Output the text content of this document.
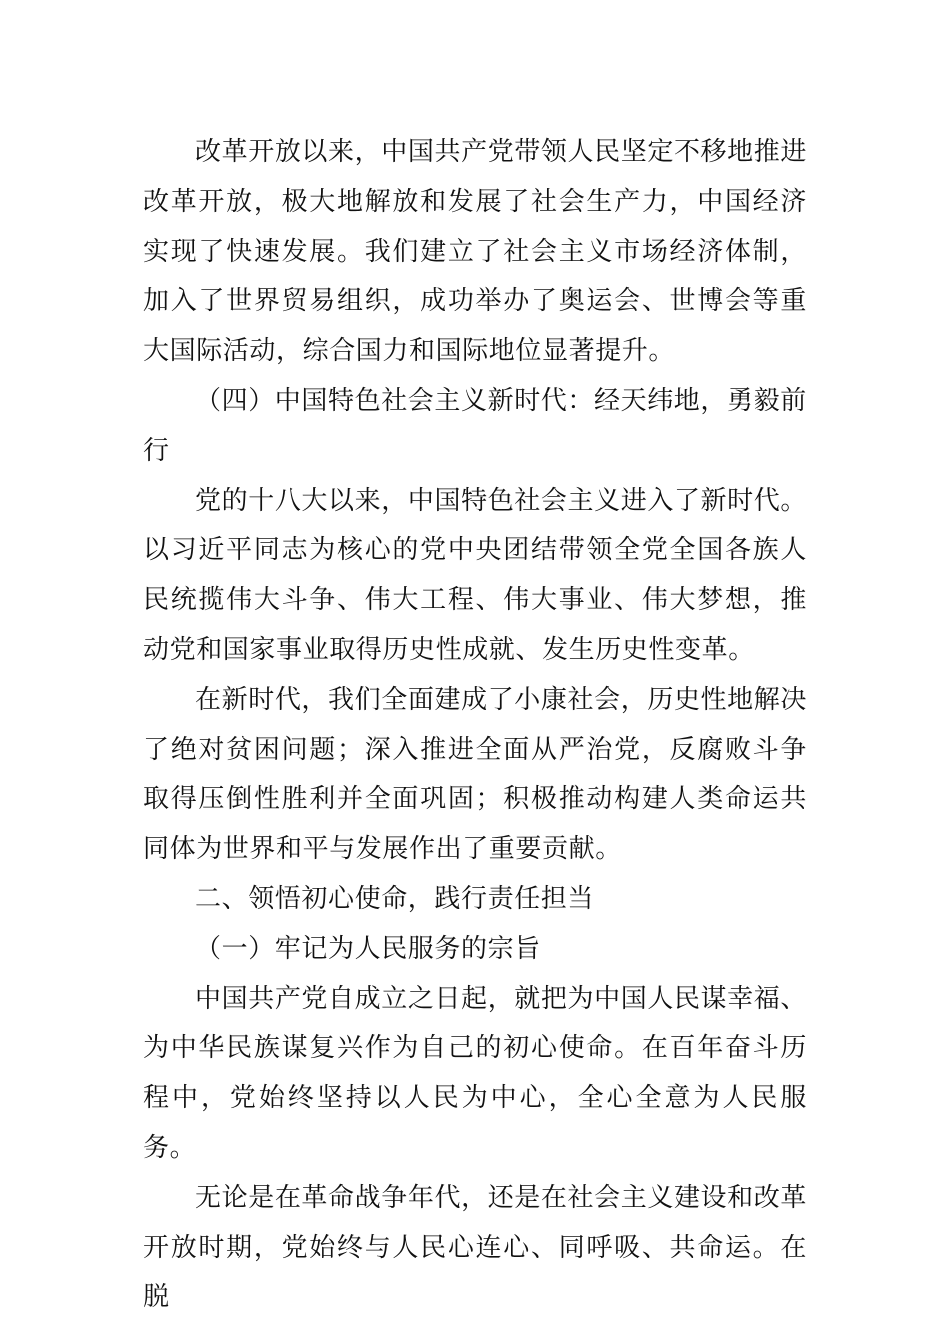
改革开放以来，中国共产党带领人民坚定不移地推进改革开放，极大地解放和发展了社会生产力，中国经济实现了快速发展。我们建立了社会主义市场经济体制，加入了世界贸易组织，成功举办了奥运会、世博会等重大国际活动，综合国力和国际地位显著提升。

（四）中国特色社会主义新时代：经天纬地，勇毅前行

党的十八大以来，中国特色社会主义进入了新时代。以习近平同志为核心的党中央团结带领全党全国各族人民统揽伟大斗争、伟大工程、伟大事业、伟大梦想，推动党和国家事业取得历史性成就、发生历史性变革。

在新时代，我们全面建成了小康社会，历史性地解决了绝对贫困问题；深入推进全面从严治党，反腐败斗争取得压倒性胜利并全面巩固；积极推动构建人类命运共同体为世界和平与发展作出了重要贡献。

二、领悟初心使命，践行责任担当

（一）牢记为人民服务的宗旨

中国共产党自成立之日起，就把为中国人民谋幸福、为中华民族谋复兴作为自己的初心使命。在百年奋斗历程中，党始终坚持以人民为中心，全心全意为人民服务。

无论是在革命战争年代，还是在社会主义建设和改革开放时期，党始终与人民心连心、同呼吸、共命运。在脱
